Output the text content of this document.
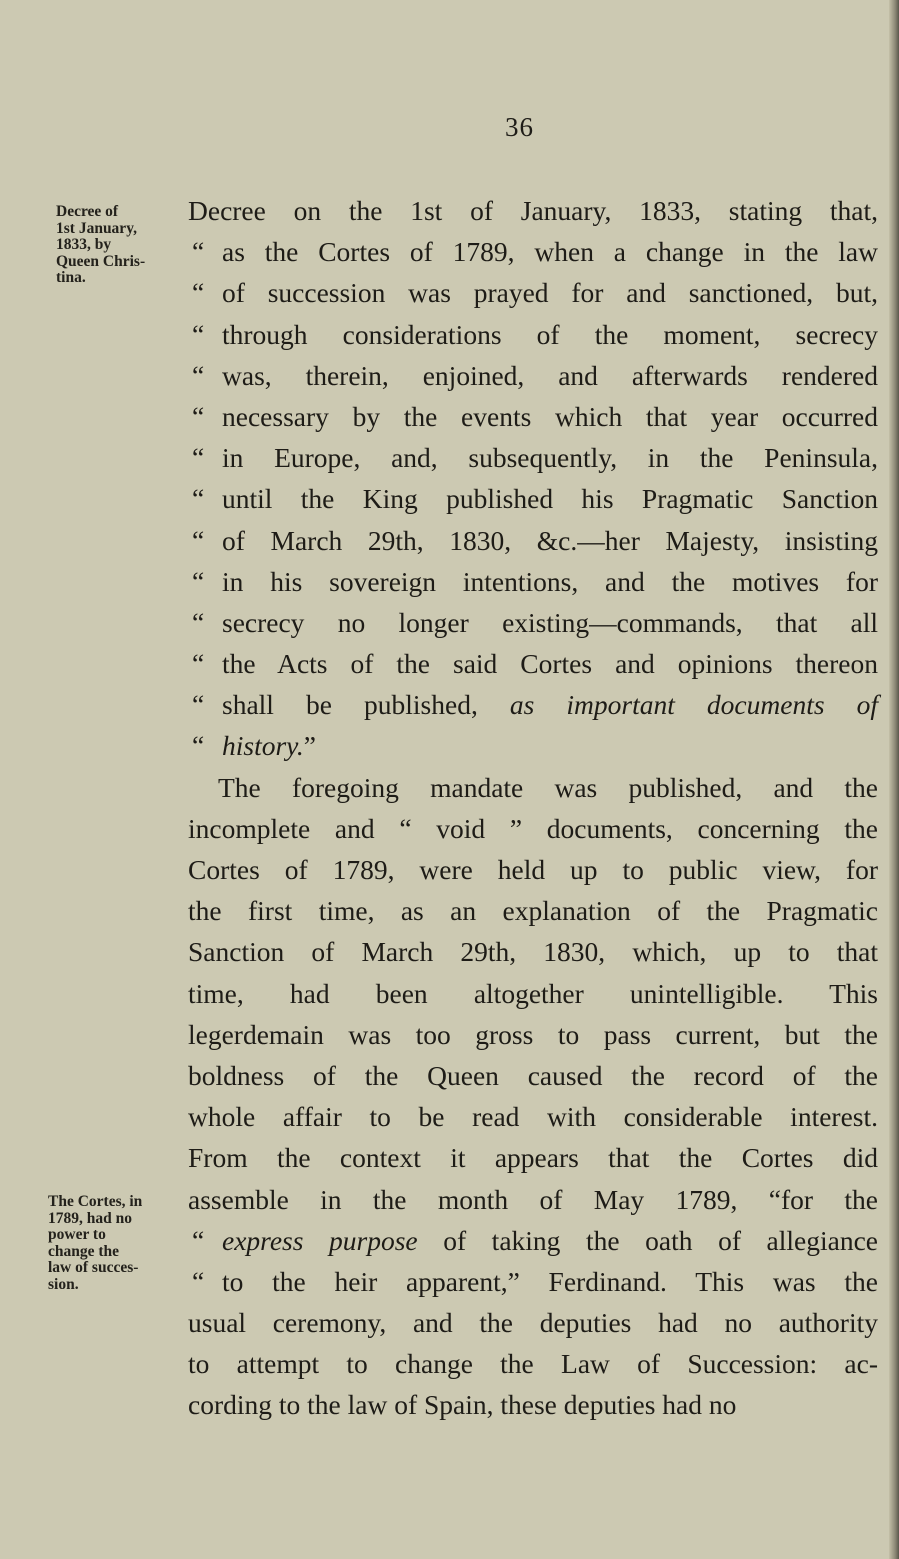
36
Decree of
1st January,
1833, by
Queen Chris-
tina.
The Cortes, in
1789, had no
power to
change the
law of succes-
sion.
Decree on the 1st of January, 1833, stating that,
“ as the Cortes of 1789, when a change in the law
“ of succession was prayed for and sanctioned, but,
“ through considerations of the moment, secrecy
“ was, therein, enjoined, and afterwards rendered
“ necessary by the events which that year occurred
“ in Europe, and, subsequently, in the Peninsula,
“ until the King published his Pragmatic Sanction
“ of March 29th, 1830, &c.—her Majesty, insisting
“ in his sovereign intentions, and the motives for
“ secrecy no longer existing—commands, that all
“ the Acts of the said Cortes and opinions thereon
“ shall be published, as important documents of
“ history.”
The foregoing mandate was published, and the
incomplete and “ void ” documents, concerning the
Cortes of 1789, were held up to public view, for
the first time, as an explanation of the Pragmatic
Sanction of March 29th, 1830, which, up to that
time, had been altogether unintelligible. This
legerdemain was too gross to pass current, but the
boldness of the Queen caused the record of the
whole affair to be read with considerable interest.
From the context it appears that the Cortes did
assemble in the month of May 1789, “for the
“ express purpose of taking the oath of allegiance
“ to the heir apparent,” Ferdinand. This was the
usual ceremony, and the deputies had no authority
to attempt to change the Law of Succession: ac-
cording to the law of Spain, these deputies had no
